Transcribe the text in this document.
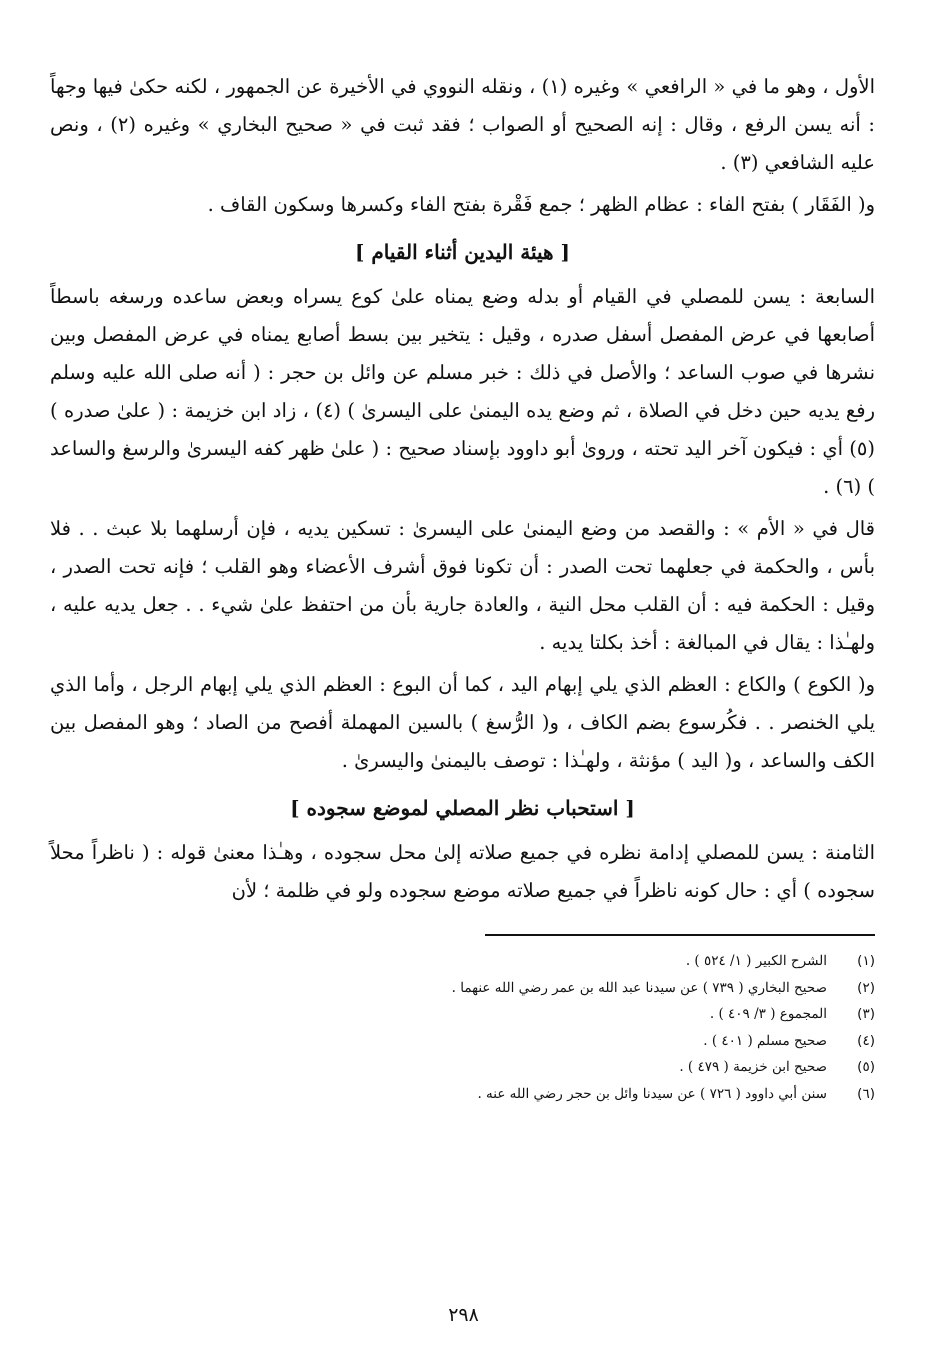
الأول ، وهو ما في « الرافعي » وغيره (١) ، ونقله النووي في الأخيرة عن الجمهور ، لكنه حكىٰ فيها وجهاً : أنه يسن الرفع ، وقال : إنه الصحيح أو الصواب ؛ فقد ثبت في « صحيح البخاري » وغيره (٢) ، ونص عليه الشافعي (٣) .

و( الفَقَار ) بفتح الفاء : عظام الظهر ؛ جمع فَقْرة بفتح الفاء وكسرها وسكون القاف .

[ هيئة اليدين أثناء القيام ]

السابعة : يسن للمصلي في القيام أو بدله وضع يمناه علىٰ كوع يسراه وبعض ساعده ورسغه باسطاً أصابعها في عرض المفصل أسفل صدره ، وقيل : يتخير بين بسط أصابع يمناه في عرض المفصل وبين نشرها في صوب الساعد ؛ والأصل في ذلك : خبر مسلم عن وائل بن حجر : ( أنه صلى الله عليه وسلم رفع يديه حين دخل في الصلاة ، ثم وضع يده اليمنىٰ على اليسرىٰ ) (٤) ، زاد ابن خزيمة : ( علىٰ صدره ) (٥) أي : فيكون آخر اليد تحته ، وروىٰ أبو داوود بإسناد صحيح : ( علىٰ ظهر كفه اليسرىٰ والرسغ والساعد ) (٦) .

قال في « الأم » : والقصد من وضع اليمنىٰ على اليسرىٰ : تسكين يديه ، فإن أرسلهما بلا عبث . . فلا بأس ، والحكمة في جعلهما تحت الصدر : أن تكونا فوق أشرف الأعضاء وهو القلب ؛ فإنه تحت الصدر ، وقيل : الحكمة فيه : أن القلب محل النية ، والعادة جارية بأن من احتفظ علىٰ شيء . . جعل يديه عليه ، ولهـٰذا : يقال في المبالغة : أخذ بكلتا يديه .

و( الكوع ) والكاع : العظم الذي يلي إبهام اليد ، كما أن البوع : العظم الذي يلي إبهام الرجل ، وأما الذي يلي الخنصر . . فكُرسوع بضم الكاف ، و( الرُّسغ ) بالسين المهملة أفصح من الصاد ؛ وهو المفصل بين الكف والساعد ، و( اليد ) مؤنثة ، ولهـٰذا : توصف باليمنىٰ واليسرىٰ .

[ استحباب نظر المصلي لموضع سجوده ]

الثامنة : يسن للمصلي إدامة نظره في جميع صلاته إلىٰ محل سجوده ، وهـٰذا معنىٰ قوله : ( ناظراً محلاً سجوده ) أي : حال كونه ناظراً في جميع صلاته موضع سجوده ولو في ظلمة ؛ لأن

(١)
الشرح الكبير ( ١/ ٥٢٤ ) .
(٢)
صحيح البخاري ( ٧٣٩ ) عن سيدنا عبد الله بن عمر رضي الله عنهما .
(٣)
المجموع ( ٣/ ٤٠٩ ) .
(٤)
صحيح مسلم ( ٤٠١ ) .
(٥)
صحيح ابن خزيمة ( ٤٧٩ ) .
(٦)
سنن أبي داوود ( ٧٢٦ ) عن سيدنا وائل بن حجر رضي الله عنه .
٢٩٨
